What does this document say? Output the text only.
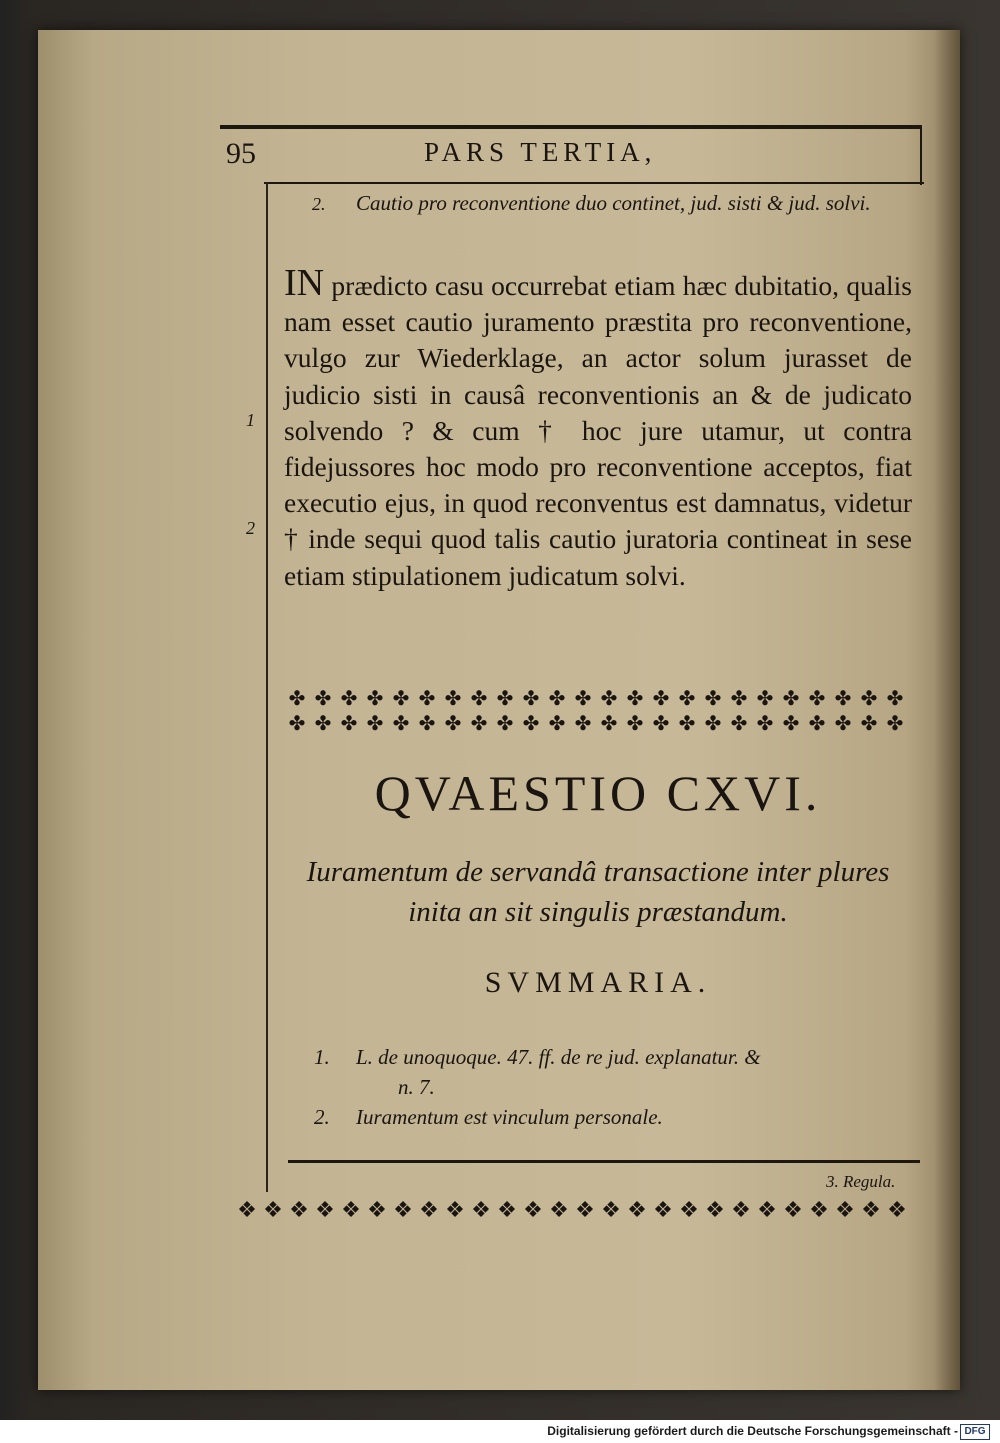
95	PARS TERTIA,
2. Cautio pro reconventione duo continet, jud. sisti & jud. solvi.
1
2

IN prædicto casu occurrebat etiam hæc dubitatio, qualis nam esset cautio juramento præstita pro reconventione, vulgo zur Wiederklage, an actor solum jurasset de judicio sisti in causâ reconventionis an & de judicato solvendo ? & cum † hoc jure utamur, ut contra fidejussores hoc modo pro reconventione acceptos, fiat executio ejus, in quod reconventus est damnatus, videtur † inde sequi quod talis cautio juratoria contineat in sese etiam stipulationem judicatum solvi.

✤ ✤ ✤ ✤ ✤ ✤ ✤ ✤ ✤ ✤ ✤ ✤ ✤ ✤ ✤ ✤ ✤ ✤ ✤ ✤ ✤ ✤ ✤ ✤
✤ ✤ ✤ ✤ ✤ ✤ ✤ ✤ ✤ ✤ ✤ ✤ ✤ ✤ ✤ ✤ ✤ ✤ ✤ ✤ ✤ ✤ ✤ ✤
QVAESTIO CXVI.
Iuramentum de servandâ transactione inter plures inita an sit singulis præstandum.
SVMMARIA.
1. L. de unoquoque. 47. ff. de re jud. explanatur. &
n. 7.
2. Iuramentum est vinculum personale.
3. Regula.
❖ ❖ ❖ ❖ ❖ ❖ ❖ ❖ ❖ ❖ ❖ ❖ ❖ ❖ ❖ ❖ ❖ ❖ ❖ ❖ ❖ ❖ ❖ ❖ ❖ ❖
Digitalisierung gefördert durch die Deutsche Forschungsgemeinschaft - DFG
